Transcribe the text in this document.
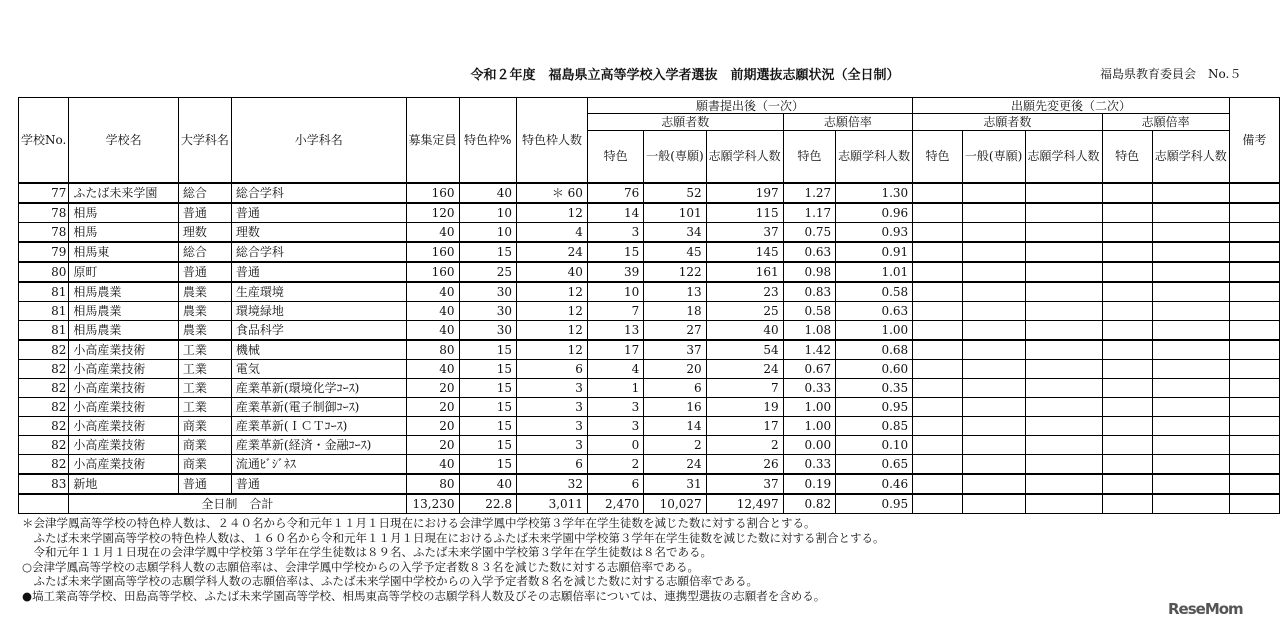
令和２年度　福島県立高等学校入学者選抜　前期選抜志願状況（全日制）	福島県教育委員会　No.５
学校No.	学校名	大学科名	小学科名	募集定員	特色枠%	特色枠人数	願書提出後（一次）					出願先変更後（二次）					備考
							志願者数			志願倍率		志願者数			志願倍率		
							特色	一般(専願)	志願学科人数	特色	志願学科人数	特色	一般(専願)	志願学科人数	特色	志願学科人数	
77	ふたば未来学園	総合	総合学科	160	40	＊ 60	76	52	197	1.27	1.30						
78	相馬	普通	普通	120	10	12	14	101	115	1.17	0.96						
78	相馬	理数	理数	40	10	4	3	34	37	0.75	0.93						
79	相馬東	総合	総合学科	160	15	24	15	45	145	0.63	0.91						
80	原町	普通	普通	160	25	40	39	122	161	0.98	1.01						
81	相馬農業	農業	生産環境	40	30	12	10	13	23	0.83	0.58						
81	相馬農業	農業	環境緑地	40	30	12	7	18	25	0.58	0.63						
81	相馬農業	農業	食品科学	40	30	12	13	27	40	1.08	1.00						
82	小高産業技術	工業	機械	80	15	12	17	37	54	1.42	0.68						
82	小高産業技術	工業	電気	40	15	6	4	20	24	0.67	0.60						
82	小高産業技術	工業	産業革新(環境化学ｺｰｽ)	20	15	3	1	6	7	0.33	0.35						
82	小高産業技術	工業	産業革新(電子制御ｺｰｽ)	20	15	3	3	16	19	1.00	0.95						
82	小高産業技術	商業	産業革新(ＩＣＴｺｰｽ)	20	15	3	3	14	17	1.00	0.85						
82	小高産業技術	商業	産業革新(経済・金融ｺｰｽ)	20	15	3	0	2	2	0.00	0.10						
82	小高産業技術	商業	流通ﾋﾞｼﾞﾈｽ	40	15	6	2	24	26	0.33	0.65						
83	新地	普通	普通	80	40	32	6	31	37	0.19	0.46						
	全日制　合計			13,230	22.8	3,011	2,470	10,027	12,497	0.82	0.95						
＊会津学鳳高等学校の特色枠人数は、２４０名から令和元年１１月１日現在における会津学鳳中学校第３学年在学生徒数を減じた数に対する割合とする。
　ふたば未来学園高等学校の特色枠人数は、１６０名から令和元年１１月１日現在におけるふたば未来学園中学校第３学年在学生徒数を減じた数に対する割合とする。
　令和元年１１月１日現在の会津学鳳中学校第３学年在学生徒数は８９名、ふたば未来学園中学校第３学年在学生徒数は８名である。
○会津学鳳高等学校の志願学科人数の志願倍率は、会津学鳳中学校からの入学予定者数８３名を減じた数に対する志願倍率である。
　ふたば未来学園高等学校の志願学科人数の志願倍率は、ふたば未来学園中学校からの入学予定者数８名を減じた数に対する志願倍率である。
●塙工業高等学校、田島高等学校、ふたば未来学園高等学校、相馬東高等学校の志願学科人数及びその志願倍率については、連携型選抜の志願者を含める。
ReseMom
